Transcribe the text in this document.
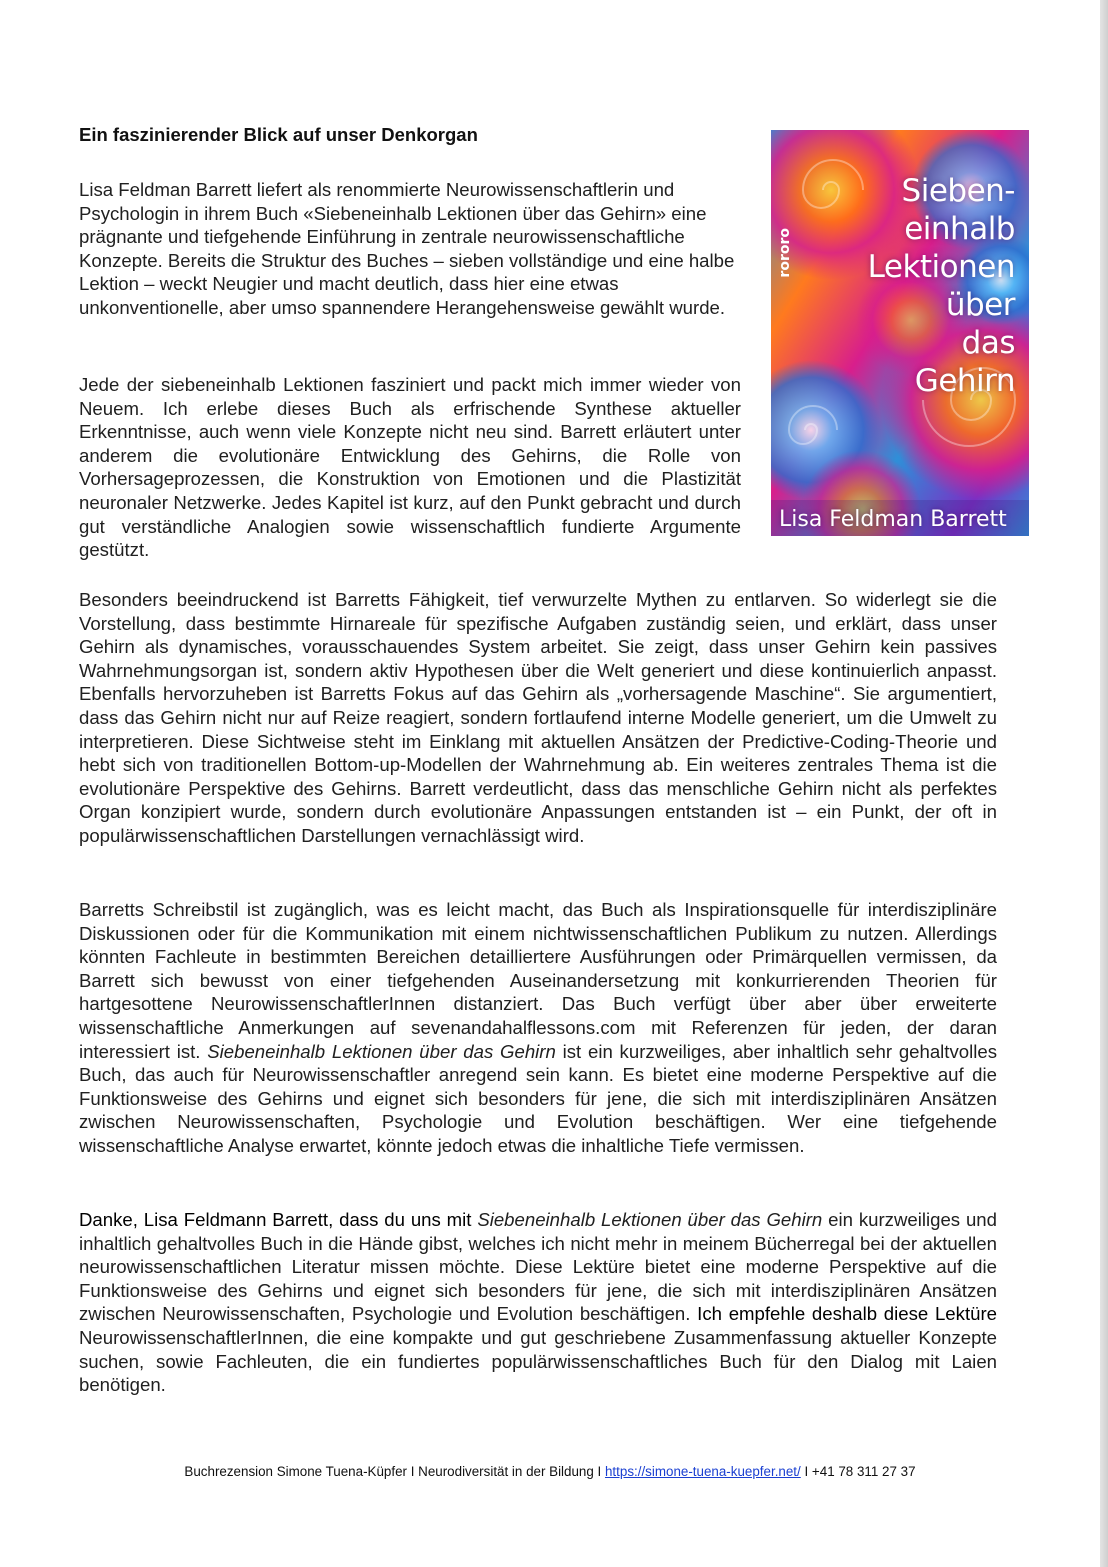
Ein faszinierender Blick auf unser Denkorgan
rororo
Sieben-
einhalb
Lektionen
über
das
Gehirn
Lisa Feldman Barrett

Lisa Feldman Barrett liefert als renommierte Neurowissenschaftlerin und Psychologin in ihrem Buch «Siebeneinhalb Lektionen über das Gehirn» eine prägnante und tiefgehende Einführung in zentrale neurowissenschaftliche Konzepte. Bereits die Struktur des Buches – sieben vollständige und eine halbe Lektion – weckt Neugier und macht deutlich, dass hier eine etwas unkonventionelle, aber umso spannendere Herangehensweise gewählt wurde.

Jede der siebeneinhalb Lektionen fasziniert und packt mich immer wieder von Neuem. Ich erlebe dieses Buch als erfrischende Synthese aktueller Erkenntnisse, auch wenn viele Konzepte nicht neu sind. Barrett erläutert unter anderem die evolutionäre Entwicklung des Gehirns, die Rolle von Vorhersageprozessen, die Konstruktion von Emotionen und die Plastizität neuronaler Netzwerke. Jedes Kapitel ist kurz, auf den Punkt gebracht und durch gut verständliche Analogien sowie wissenschaftlich fundierte Argumente gestützt.

Besonders beeindruckend ist Barretts Fähigkeit, tief verwurzelte Mythen zu entlarven. So widerlegt sie die Vorstellung, dass bestimmte Hirnareale für spezifische Aufgaben zuständig seien, und erklärt, dass unser Gehirn als dynamisches, vorausschauendes System arbeitet. Sie zeigt, dass unser Gehirn kein passives Wahrnehmungsorgan ist, sondern aktiv Hypothesen über die Welt generiert und diese kontinuierlich anpasst. Ebenfalls hervorzuheben ist Barretts Fokus auf das Gehirn als „vorhersagende Maschine“. Sie argumentiert, dass das Gehirn nicht nur auf Reize reagiert, sondern fortlaufend interne Modelle generiert, um die Umwelt zu interpretieren. Diese Sichtweise steht im Einklang mit aktuellen Ansätzen der Predictive-Coding-Theorie und hebt sich von traditionellen Bottom-up-Modellen der Wahrnehmung ab. Ein weiteres zentrales Thema ist die evolutionäre Perspektive des Gehirns. Barrett verdeutlicht, dass das menschliche Gehirn nicht als perfektes Organ konzipiert wurde, sondern durch evolutionäre Anpassungen entstanden ist – ein Punkt, der oft in populärwissenschaftlichen Darstellungen vernachlässigt wird.

Barretts Schreibstil ist zugänglich, was es leicht macht, das Buch als Inspirationsquelle für interdisziplinäre Diskussionen oder für die Kommunikation mit einem nichtwissenschaftlichen Publikum zu nutzen. Allerdings könnten Fachleute in bestimmten Bereichen detailliertere Ausführungen oder Primärquellen vermissen, da Barrett sich bewusst von einer tiefgehenden Auseinandersetzung mit konkurrierenden Theorien für hartgesottene NeurowissenschaftlerInnen distanziert. Das Buch verfügt über aber über erweiterte wissenschaftliche Anmerkungen auf sevenandahalflessons.com mit Referenzen für jeden, der daran interessiert ist. Siebeneinhalb Lektionen über das Gehirn ist ein kurzweiliges, aber inhaltlich sehr gehaltvolles Buch, das auch für Neurowissenschaftler anregend sein kann. Es bietet eine moderne Perspektive auf die Funktionsweise des Gehirns und eignet sich besonders für jene, die sich mit interdisziplinären Ansätzen zwischen Neurowissenschaften, Psychologie und Evolution beschäftigen. Wer eine tiefgehende wissenschaftliche Analyse erwartet, könnte jedoch etwas die inhaltliche Tiefe vermissen.

Danke, Lisa Feldmann Barrett, dass du uns mit Siebeneinhalb Lektionen über das Gehirn ein kurzweiliges und inhaltlich gehaltvolles Buch in die Hände gibst, welches ich nicht mehr in meinem Bücherregal bei der aktuellen neurowissenschaftlichen Literatur missen möchte. Diese Lektüre bietet eine moderne Perspektive auf die Funktionsweise des Gehirns und eignet sich besonders für jene, die sich mit interdisziplinären Ansätzen zwischen Neurowissenschaften, Psychologie und Evolution beschäftigen. Ich empfehle deshalb diese Lektüre NeurowissenschaftlerInnen, die eine kompakte und gut geschriebene Zusammenfassung aktueller Konzepte suchen, sowie Fachleuten, die ein fundiertes populärwissenschaftliches Buch für den Dialog mit Laien benötigen.

Buchrezension Simone Tuena-Küpfer I Neurodiversität in der Bildung I https://simone-tuena-kuepfer.net/ I +41 78 311 27 37
